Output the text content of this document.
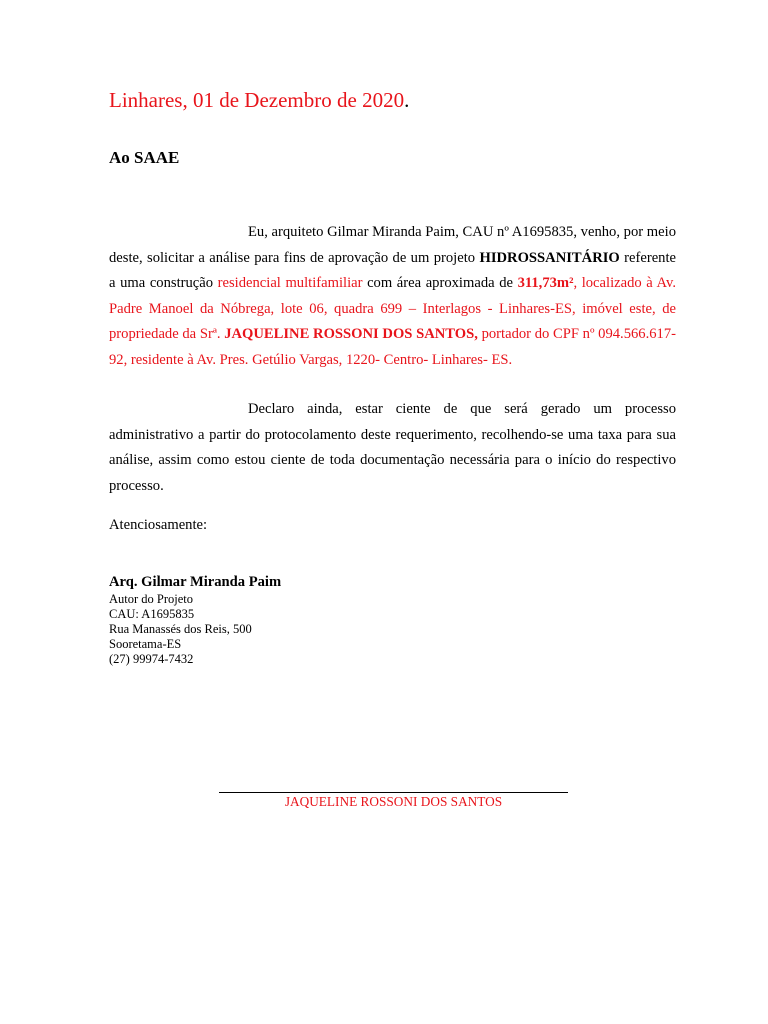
Linhares, 01 de Dezembro de 2020.
Ao SAAE

Eu, arquiteto Gilmar Miranda Paim, CAU nº A1695835, venho, por meio deste, solicitar a análise para fins de aprovação de um projeto HIDROSSANITÁRIO referente a uma construção residencial multifamiliar com área aproximada de 311,73m², localizado à Av. Padre Manoel da Nóbrega, lote 06, quadra 699 – Interlagos - Linhares-ES, imóvel este, de propriedade da Srª. JAQUELINE ROSSONI DOS SANTOS, portador do CPF nº 094.566.617-92, residente à Av. Pres. Getúlio Vargas, 1220- Centro- Linhares- ES.

Declaro ainda, estar ciente de que será gerado um processo administrativo a partir do protocolamento deste requerimento, recolhendo-se uma taxa para sua análise, assim como estou ciente de toda documentação necessária para o início do respectivo processo.

Atenciosamente:
Arq. Gilmar Miranda Paim
Autor do Projeto
CAU: A1695835
Rua Manassés dos Reis, 500
Sooretama-ES
(27) 99974-7432
JAQUELINE ROSSONI DOS SANTOS
